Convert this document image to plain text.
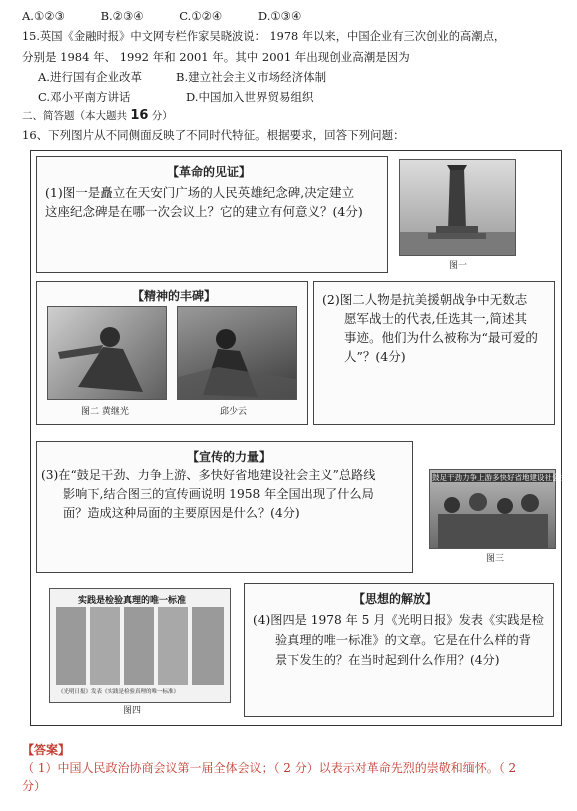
A.①②③	B.②③④	C.①②④	D.①③④
15.英国《金融时报》中文网专栏作家吴晓波说： 1978 年以来，中国企业有三次创业的高潮点，
分别是 1984 年、 1992 年和 2001 年。其中 2001 年出现创业高潮是因为
A.进行国有企业改革	B.建立社会主义市场经济体制
C.邓小平南方讲话	D.中国加入世界贸易组织
二、简答题（本大题共 16 分）
16、下列图片从不同侧面反映了不同时代特征。根据要求，回答下列问题：
【革命的见证】
(1)图一是矗立在天安门广场的人民英雄纪念碑,决定建立
这座纪念碑是在哪一次会议上？它的建立有何意义？(4分)
图一
【精神的丰碑】
图二 黄继光	邱少云
(2)图二人物是抗美援朝战争中无数志
愿军战士的代表,任选其一,简述其
事迹。他们为什么被称为“最可爱的
人”？(4分)
【宣传的力量】
(3)在“鼓足干劲、力争上游、多快好省地建设社会主义”总路线
影响下,结合图三的宣传画说明 1958 年全国出现了什么局
面？造成这种局面的主要原因是什么？(4分)
鼓足干劲力争上游多快好省地建设社会主义
图三
实践是检验真理的唯一标准
《光明日报》发表《实践是检验真理的唯一标准》
图四
【思想的解放】
(4)图四是 1978 年 5 月《光明日报》发表《实践是检
验真理的唯一标准》的文章。它是在什么样的背
景下发生的？在当时起到什么作用？(4分)
【答案】
（ 1）中国人民政治协商会议第一届全体会议；（ 2 分）以表示对革命先烈的崇敬和缅怀。（ 2
分）
